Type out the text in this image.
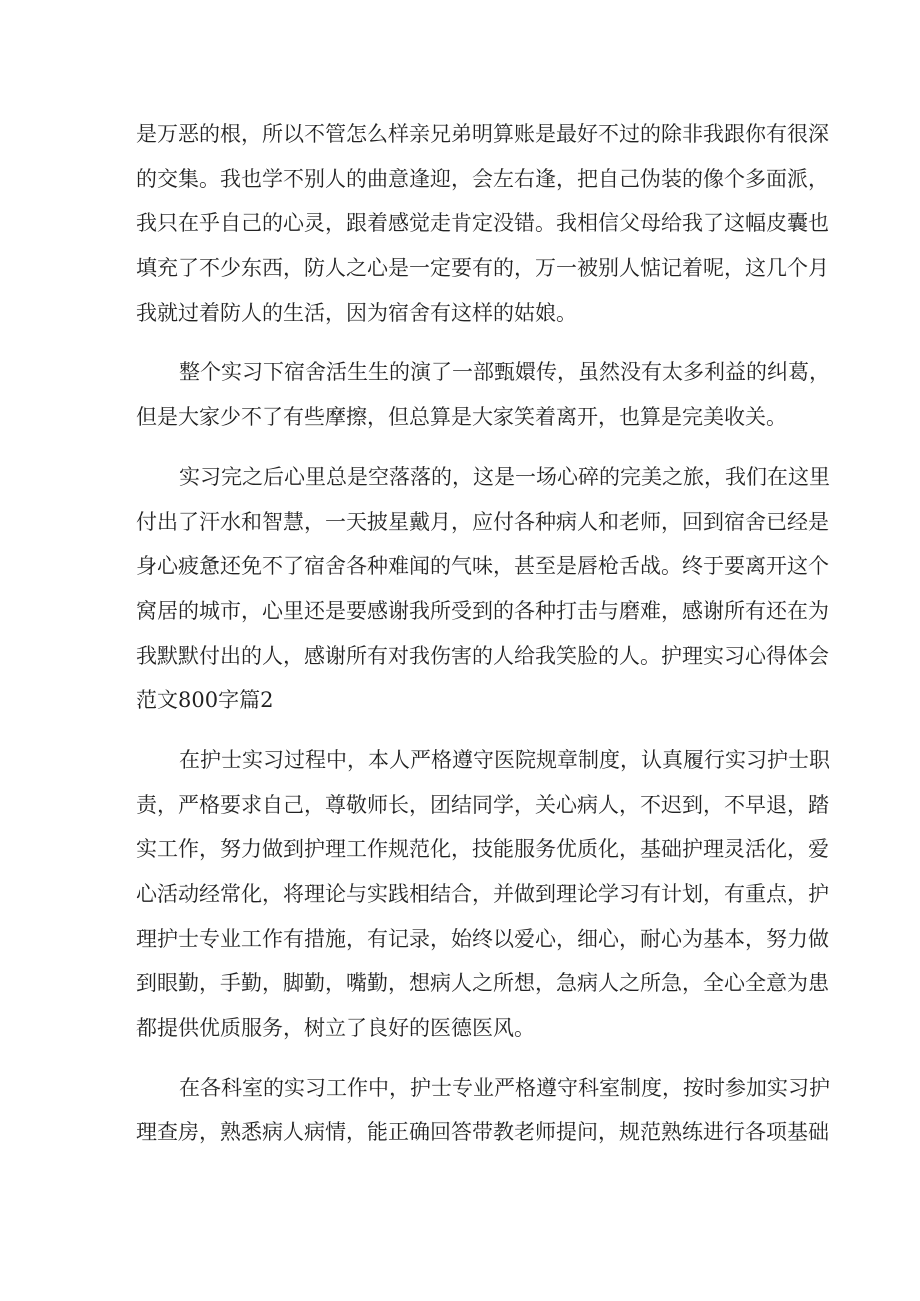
是万恶的根，所以不管怎么样亲兄弟明算账是最好不过的除非我跟你有很深
的交集。我也学不别人的曲意逢迎，会左右逢，把自己伪装的像个多面派，
我只在乎自己的心灵，跟着感觉走肯定没错。我相信父母给我了这幅皮囊也
填充了不少东西，防人之心是一定要有的，万一被别人惦记着呢，这几个月
我就过着防人的生活，因为宿舍有这样的姑娘。
整个实习下宿舍活生生的演了一部甄嬛传，虽然没有太多利益的纠葛，
但是大家少不了有些摩擦，但总算是大家笑着离开，也算是完美收关。
实习完之后心里总是空落落的，这是一场心碎的完美之旅，我们在这里
付出了汗水和智慧，一天披星戴月，应付各种病人和老师，回到宿舍已经是
身心疲惫还免不了宿舍各种难闻的气味，甚至是唇枪舌战。终于要离开这个
窝居的城市，心里还是要感谢我所受到的各种打击与磨难，感谢所有还在为
我默默付出的人，感谢所有对我伤害的人给我笑脸的人。护理实习心得体会
范文800字篇2
在护士实习过程中，本人严格遵守医院规章制度，认真履行实习护士职
责，严格要求自己，尊敬师长，团结同学，关心病人，不迟到，不早退，踏
实工作，努力做到护理工作规范化，技能服务优质化，基础护理灵活化，爱
心活动经常化，将理论与实践相结合，并做到理论学习有计划，有重点，护
理护士专业工作有措施，有记录，始终以爱心，细心，耐心为基本，努力做
到眼勤，手勤，脚勤，嘴勤，想病人之所想，急病人之所急，全心全意为患
都提供优质服务，树立了良好的医德医风。
在各科室的实习工作中，护士专业严格遵守科室制度，按时参加实习护
理查房，熟悉病人病情，能正确回答带教老师提问，规范熟练进行各项基础
